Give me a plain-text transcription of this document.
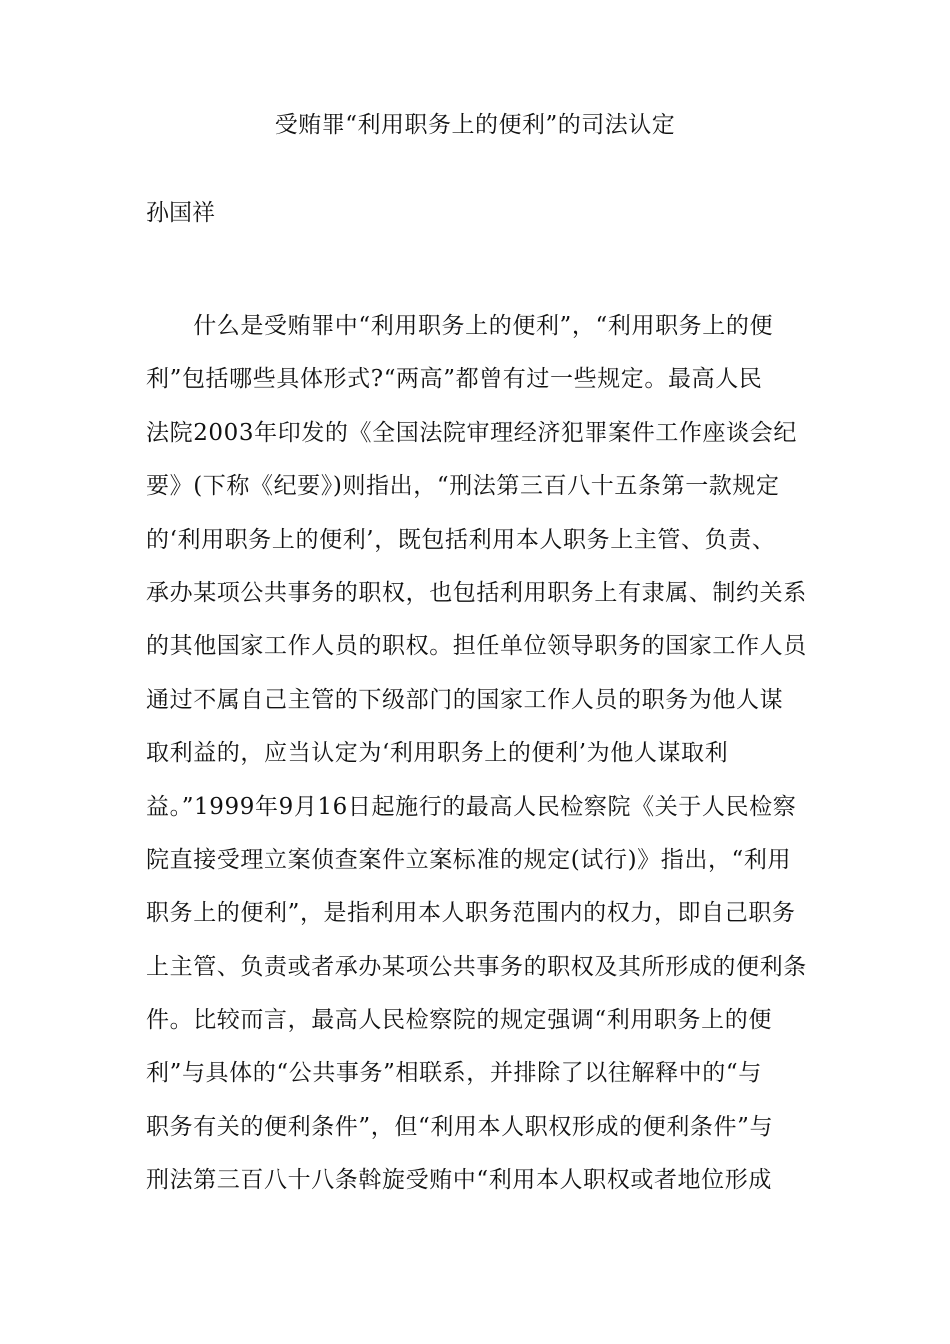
受贿罪“利用职务上的便利”的司法认定
孙国祥
　　什么是受贿罪中“利用职务上的便利”，“利用职务上的便
利”包括哪些具体形式?“两高”都曾有过一些规定。最高人民
法院2003年印发的《全国法院审理经济犯罪案件工作座谈会纪
要》(下称《纪要》)则指出，“刑法第三百八十五条第一款规定
的‘利用职务上的便利’，既包括利用本人职务上主管、负责、
承办某项公共事务的职权，也包括利用职务上有隶属、制约关系
的其他国家工作人员的职权。担任单位领导职务的国家工作人员
通过不属自己主管的下级部门的国家工作人员的职务为他人谋
取利益的，应当认定为‘利用职务上的便利’为他人谋取利
益。”1999年9月16日起施行的最高人民检察院《关于人民检察
院直接受理立案侦查案件立案标准的规定(试行)》指出，“利用
职务上的便利”，是指利用本人职务范围内的权力，即自己职务
上主管、负责或者承办某项公共事务的职权及其所形成的便利条
件。比较而言，最高人民检察院的规定强调“利用职务上的便
利”与具体的“公共事务”相联系，并排除了以往解释中的“与
职务有关的便利条件”，但“利用本人职权形成的便利条件”与
刑法第三百八十八条斡旋受贿中“利用本人职权或者地位形成
